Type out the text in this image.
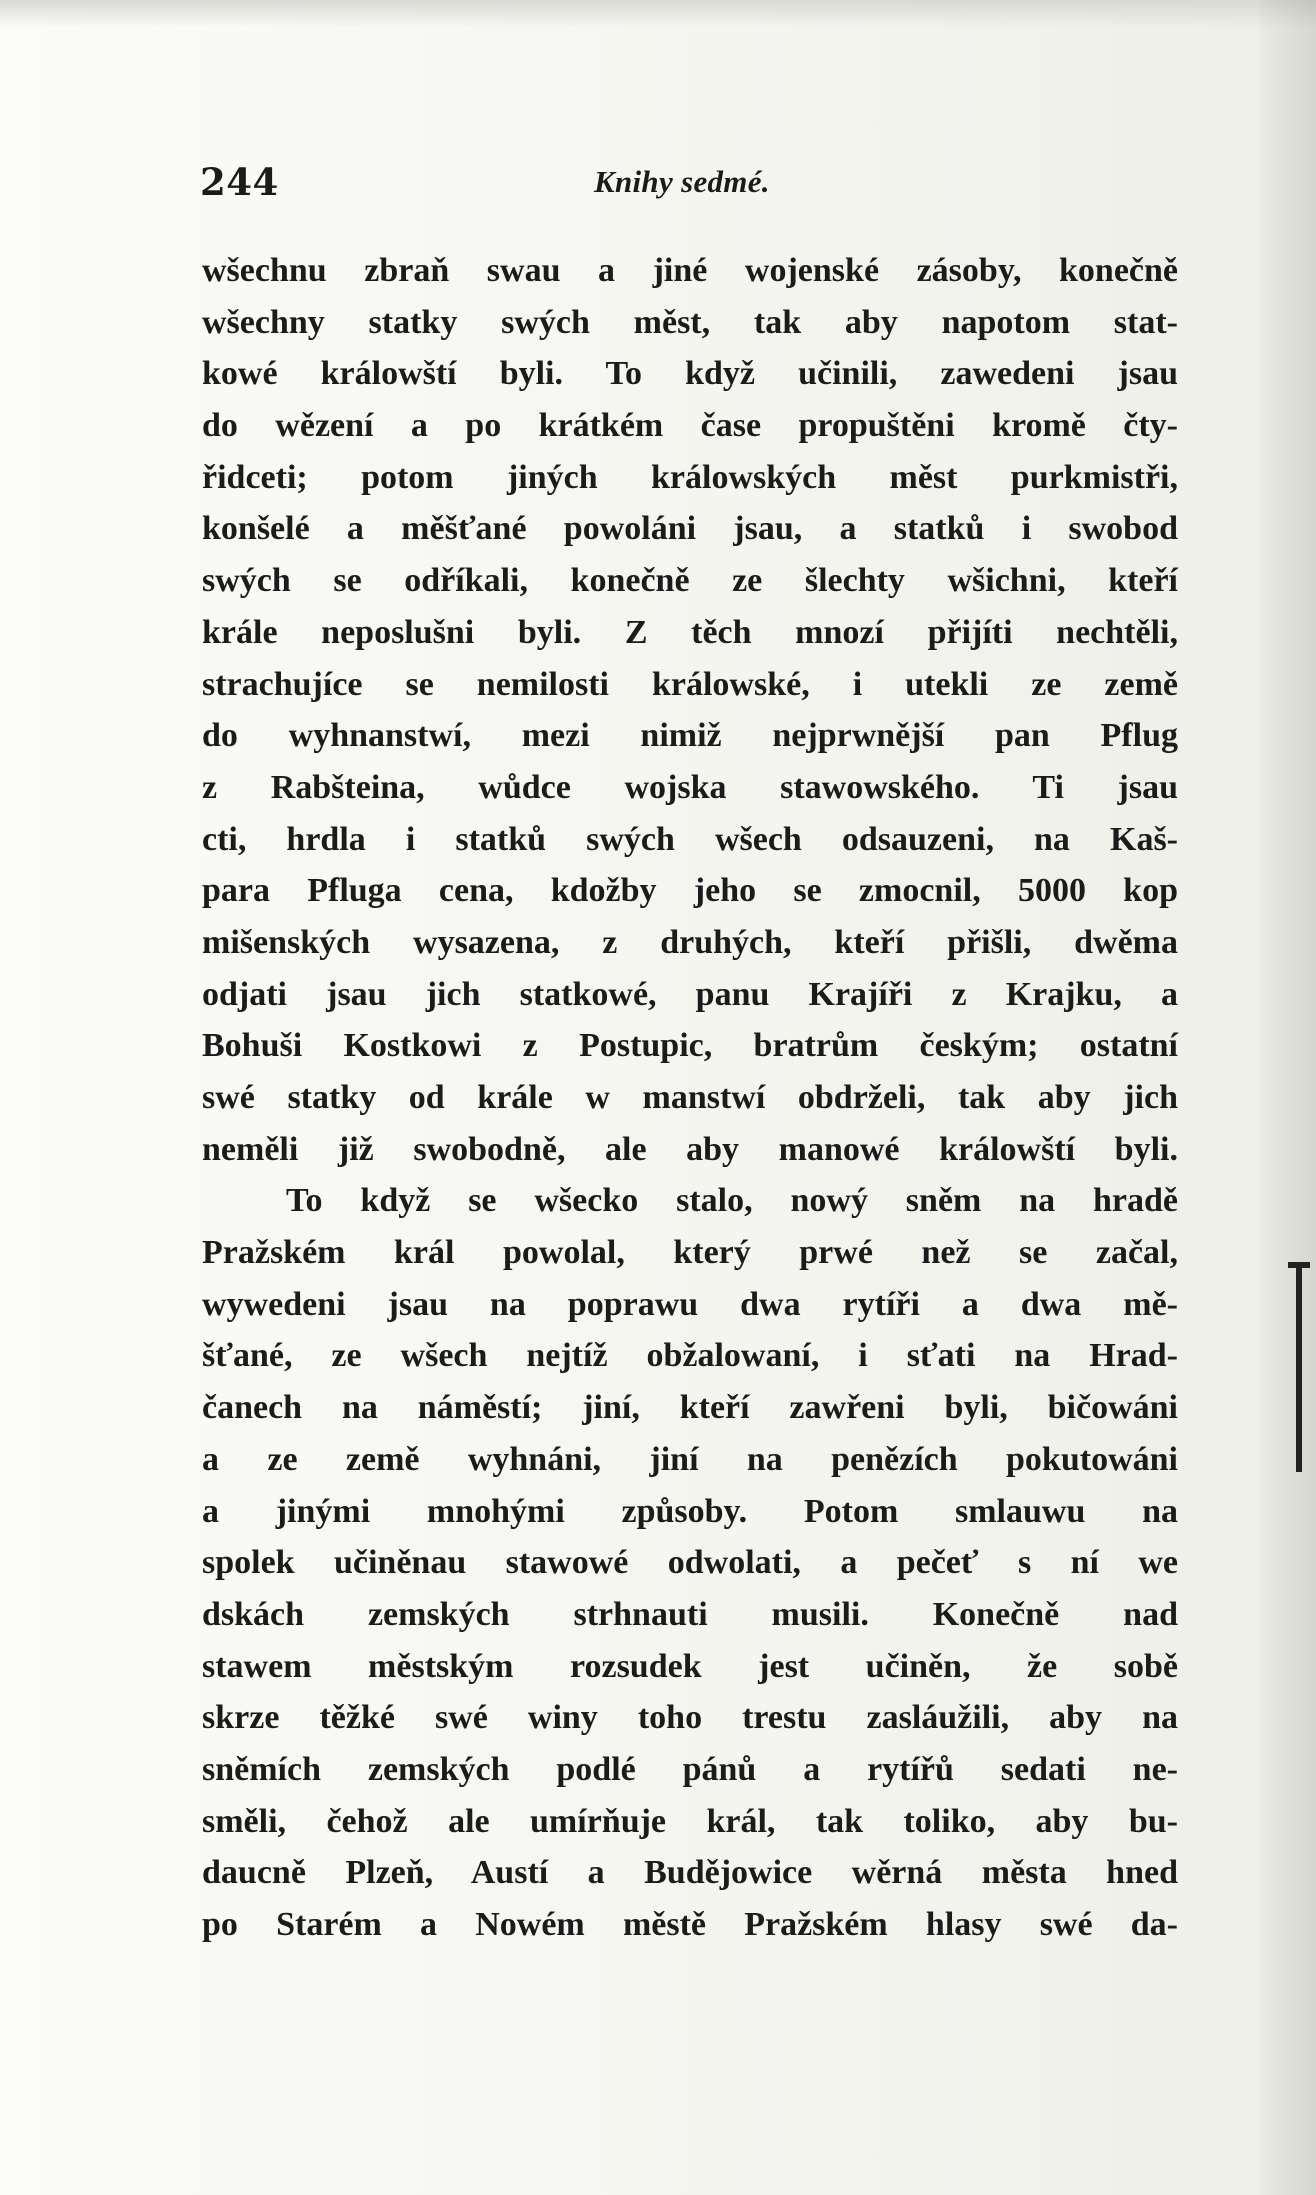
244	Knihy sedmé.
wšechnu zbraň swau a jiné wojenské zásoby, konečně
wšechny statky swých měst, tak aby napotom stat-
kowé králowští byli. To když učinili, zawedeni jsau
do wězení a po krátkém čase propuštěni kromě čty-
řidceti; potom jiných králowských měst purkmistři,
konšelé a měšťané powoláni jsau, a statků i swobod
swých se odříkali, konečně ze šlechty wšichni, kteří
krále neposlušni byli. Z těch mnozí přijíti nechtěli,
strachujíce se nemilosti králowské, i utekli ze země
do wyhnanstwí, mezi nimiž nejprwnější pan Pflug
z Rabšteina, wůdce wojska stawowského. Ti jsau
cti, hrdla i statků swých wšech odsauzeni, na Kaš-
para Pfluga cena, kdožby jeho se zmocnil, 5000 kop
mišenských wysazena, z druhých, kteří přišli, dwěma
odjati jsau jich statkowé, panu Krajíři z Krajku, a
Bohuši Kostkowi z Postupic, bratrům českým; ostatní
swé statky od krále w manstwí obdrželi, tak aby jich
neměli již swobodně, ale aby manowé králowští byli.
To když se wšecko stalo, nowý sněm na hradě
Pražském král powolal, který prwé než se začal,
wywedeni jsau na poprawu dwa rytíři a dwa mě-
šťané, ze wšech nejtíž obžalowaní, i sťati na Hrad-
čanech na náměstí; jiní, kteří zawřeni byli, bičowáni
a ze země wyhnáni, jiní na penězích pokutowáni
a jinými mnohými způsoby. Potom smlauwu na
spolek učiněnau stawowé odwolati, a pečeť s ní we
dskách zemských strhnauti musili. Konečně nad
stawem městským rozsudek jest učiněn, že sobě
skrze těžké swé winy toho trestu zasláužili, aby na
sněmích zemských podlé pánů a rytířů sedati ne-
směli, čehož ale umírňuje král, tak toliko, aby bu-
daucně Plzeň, Austí a Budějowice wěrná města hned
po Starém a Nowém městě Pražském hlasy swé da-
